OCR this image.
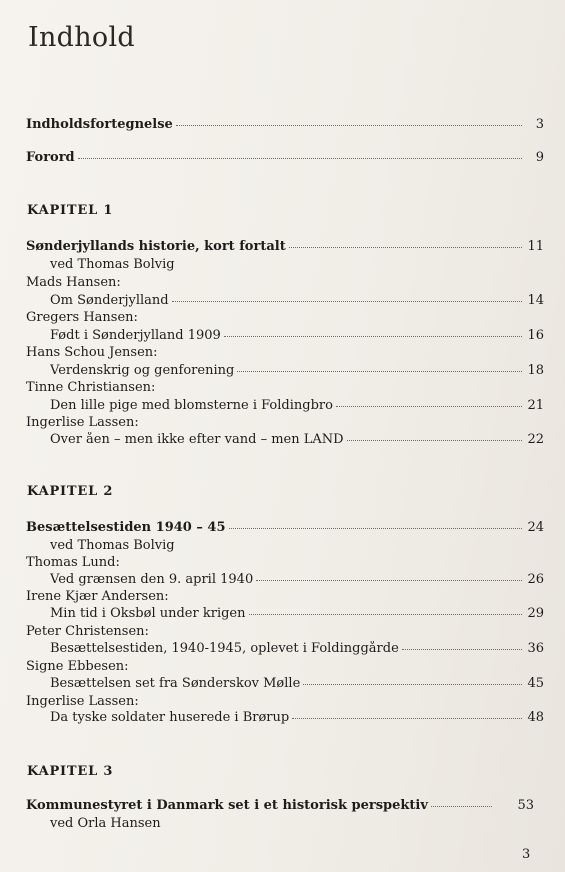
Indhold
Indholdsfortegnelse	3
Forord	9
KAPITEL 1
Sønderjyllands historie, kort fortalt	11
ved Thomas Bolvig
Mads Hansen:
Om Sønderjylland	14
Gregers Hansen:
Født i Sønderjylland 1909	16
Hans Schou Jensen:
Verdenskrig og genforening	18
Tinne Christiansen:
Den lille pige med blomsterne i Foldingbro	21
Ingerlise Lassen:
Over åen – men ikke efter vand – men LAND	22
KAPITEL 2
Besættelsestiden 1940 – 45	24
ved Thomas Bolvig
Thomas Lund:
Ved grænsen den 9. april 1940	26
Irene Kjær Andersen:
Min tid i Oksbøl under krigen	29
Peter Christensen:
Besættelsestiden, 1940-1945, oplevet i Foldinggårde	36
Signe Ebbesen:
Besættelsen set fra Sønderskov Mølle	45
Ingerlise Lassen:
Da tyske soldater huserede i Brørup	48
KAPITEL 3
Kommunestyret i Danmark set i et historisk perspektiv	53
ved Orla Hansen
3
